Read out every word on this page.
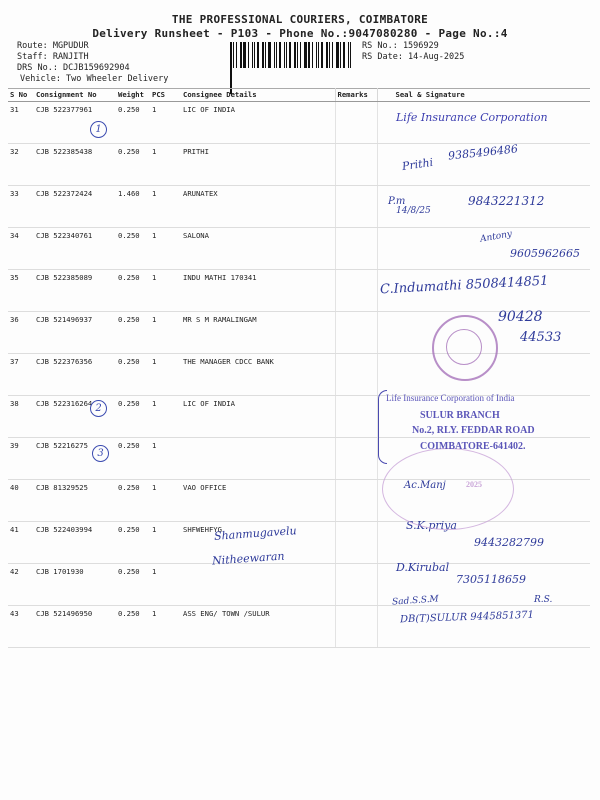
THE PROFESSIONAL COURIERS, COIMBATORE
Delivery Runsheet - P103 - Phone No.:9047080280 - Page No.:4
Route: MGPUDUR
Staff: RANJITH
DRS No.: DCJB159692904
Vehicle: Two Wheeler Delivery
RS No.: 1596929
RS Date: 14-Aug-2025
S No	Consignment No	Weight	PCS	Consignee Details	Remarks	Seal & Signature
31	CJB 522377961	0.250	1	LIC OF INDIA		
32	CJB 522385438	0.250	1	PRITHI		
33	CJB 522372424	1.460	1	ARUNATEX		
34	CJB 522340761	0.250	1	SALONA		
35	CJB 522385089	0.250	1	INDU MATHI 170341		
36	CJB 521496937	0.250	1	MR S M RAMALINGAM		
37	CJB 522376356	0.250	1	THE MANAGER CDCC BANK		
38	CJB 522316264	0.250	1	LIC OF INDIA		
39	CJB 52216275	0.250	1			
40	CJB 81329525	0.250	1	VAO OFFICE		
41	CJB 522403994	0.250	1	SHFWEHFYG		
42	CJB 1701930	0.250	1			
43	CJB 521496950	0.250	1	ASS ENG/ TOWN /SULUR		
1
2
3
Life Insurance Corporation
Prithi
9385496486
P.m
14/8/25
9843221312
Antony
9605962665
C.Indumathi 8508414851
90428
44533
Ac.Manj
Shanmugavelu	S.K.priya
9443282799
Nitheewaran	D.Kirubal
7305118659
Sad.S.S.M	R.S.
DB(T)SULUR 9445851371
2025
Life Insurance Corporation of India
SULUR BRANCH
No.2, RLY. FEDDAR ROAD
COIMBATORE-641402.
